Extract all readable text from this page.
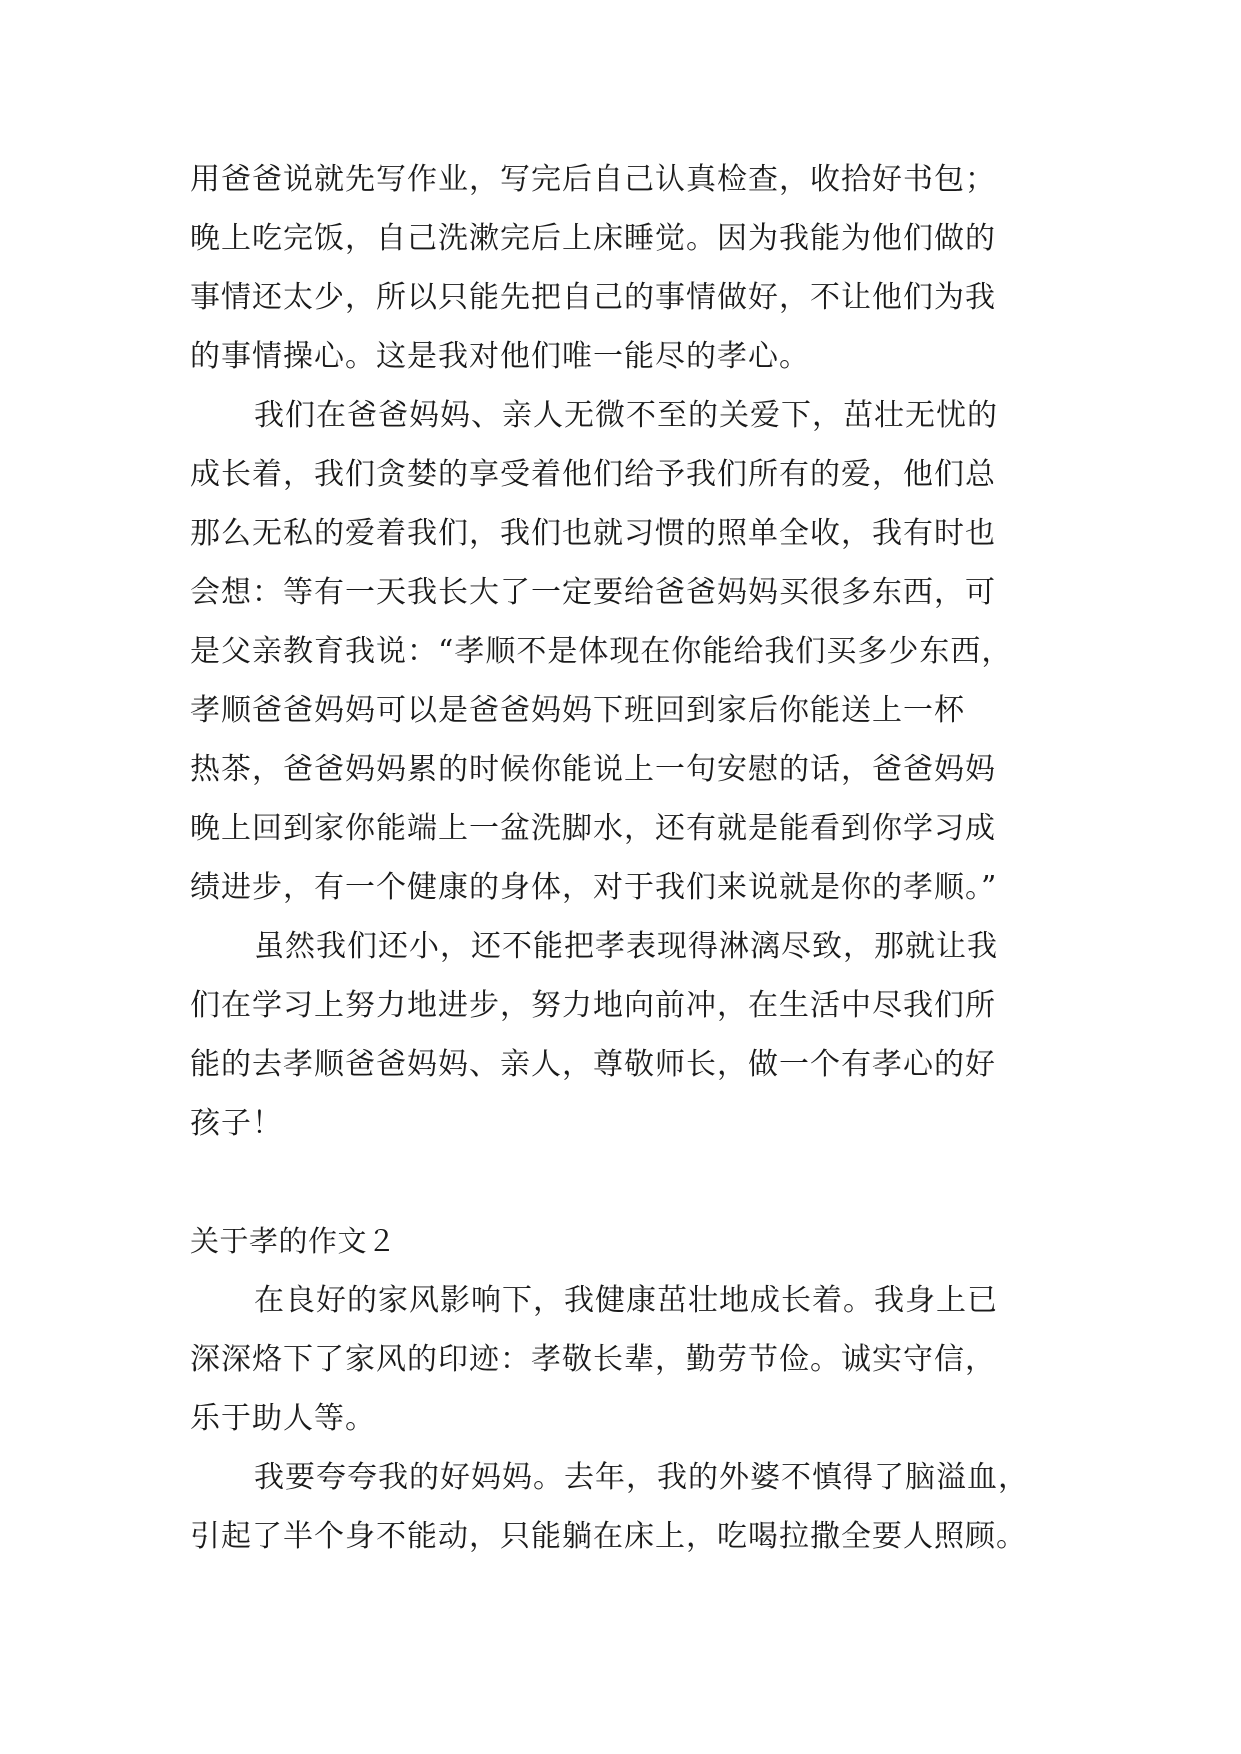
用爸爸说就先写作业，写完后自己认真检查，收拾好书包；
晚上吃完饭，自己洗漱完后上床睡觉。因为我能为他们做的
事情还太少，所以只能先把自己的事情做好，不让他们为我
的事情操心。这是我对他们唯一能尽的孝心。
我们在爸爸妈妈、亲人无微不至的关爱下，茁壮无忧的
成长着，我们贪婪的享受着他们给予我们所有的爱，他们总
那么无私的爱着我们，我们也就习惯的照单全收，我有时也
会想：等有一天我长大了一定要给爸爸妈妈买很多东西，可
是父亲教育我说：“孝顺不是体现在你能给我们买多少东西，
孝顺爸爸妈妈可以是爸爸妈妈下班回到家后你能送上一杯
热茶，爸爸妈妈累的时候你能说上一句安慰的话，爸爸妈妈
晚上回到家你能端上一盆洗脚水，还有就是能看到你学习成
绩进步，有一个健康的身体，对于我们来说就是你的孝顺。”
虽然我们还小，还不能把孝表现得淋漓尽致，那就让我
们在学习上努力地进步，努力地向前冲，在生活中尽我们所
能的去孝顺爸爸妈妈、亲人，尊敬师长，做一个有孝心的好
孩子！
关于孝的作文２
在良好的家风影响下，我健康茁壮地成长着。我身上已
深深烙下了家风的印迹：孝敬长辈，勤劳节俭。诚实守信，
乐于助人等。
我要夸夸我的好妈妈。去年，我的外婆不慎得了脑溢血，
引起了半个身不能动，只能躺在床上，吃喝拉撒全要人照顾。
